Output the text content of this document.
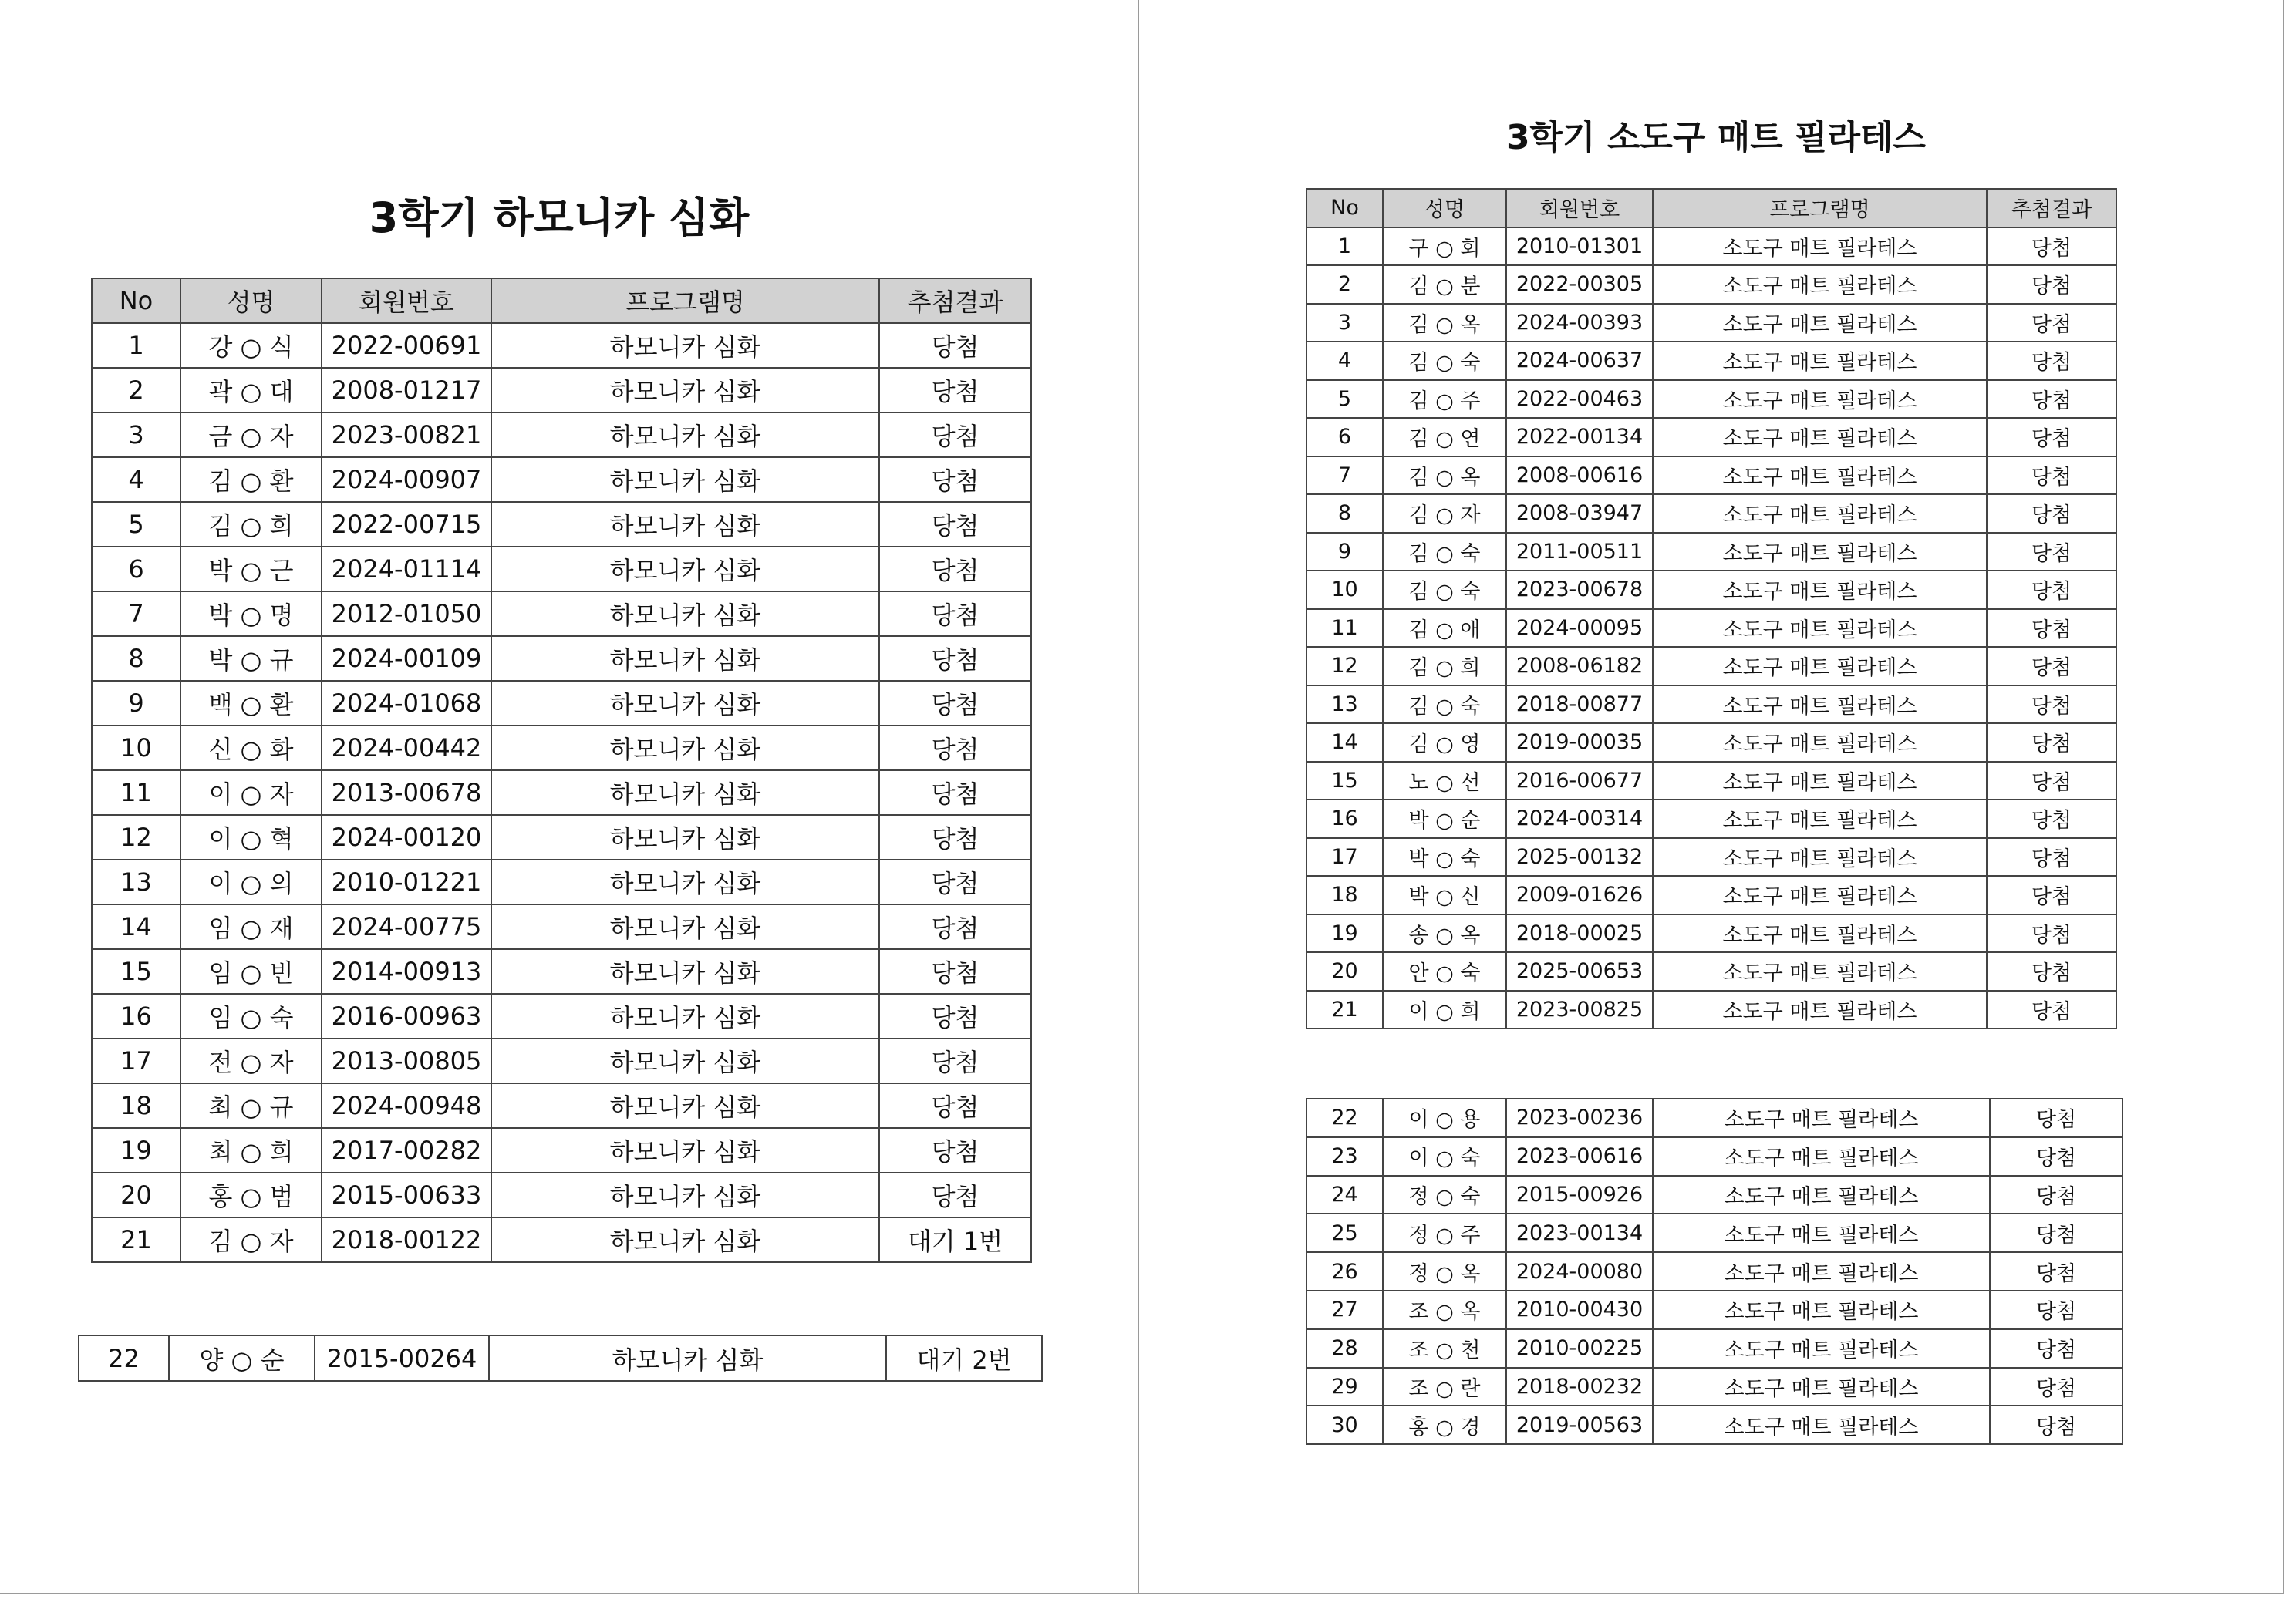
3학기 하모니카 심화
No	성명	회원번호	프로그램명	추첨결과
1	강 ○ 식	2022-00691	하모니카 심화	당첨
2	곽 ○ 대	2008-01217	하모니카 심화	당첨
3	금 ○ 자	2023-00821	하모니카 심화	당첨
4	김 ○ 환	2024-00907	하모니카 심화	당첨
5	김 ○ 희	2022-00715	하모니카 심화	당첨
6	박 ○ 근	2024-01114	하모니카 심화	당첨
7	박 ○ 명	2012-01050	하모니카 심화	당첨
8	박 ○ 규	2024-00109	하모니카 심화	당첨
9	백 ○ 환	2024-01068	하모니카 심화	당첨
10	신 ○ 화	2024-00442	하모니카 심화	당첨
11	이 ○ 자	2013-00678	하모니카 심화	당첨
12	이 ○ 혁	2024-00120	하모니카 심화	당첨
13	이 ○ 의	2010-01221	하모니카 심화	당첨
14	임 ○ 재	2024-00775	하모니카 심화	당첨
15	임 ○ 빈	2014-00913	하모니카 심화	당첨
16	임 ○ 숙	2016-00963	하모니카 심화	당첨
17	전 ○ 자	2013-00805	하모니카 심화	당첨
18	최 ○ 규	2024-00948	하모니카 심화	당첨
19	최 ○ 희	2017-00282	하모니카 심화	당첨
20	홍 ○ 범	2015-00633	하모니카 심화	당첨
21	김 ○ 자	2018-00122	하모니카 심화	대기 1번
22	양 ○ 순	2015-00264	하모니카 심화	대기 2번
3학기 소도구 매트 필라테스
No	성명	회원번호	프로그램명	추첨결과
1	구 ○ 회	2010-01301	소도구 매트 필라테스	당첨
2	김 ○ 분	2022-00305	소도구 매트 필라테스	당첨
3	김 ○ 옥	2024-00393	소도구 매트 필라테스	당첨
4	김 ○ 숙	2024-00637	소도구 매트 필라테스	당첨
5	김 ○ 주	2022-00463	소도구 매트 필라테스	당첨
6	김 ○ 연	2022-00134	소도구 매트 필라테스	당첨
7	김 ○ 옥	2008-00616	소도구 매트 필라테스	당첨
8	김 ○ 자	2008-03947	소도구 매트 필라테스	당첨
9	김 ○ 숙	2011-00511	소도구 매트 필라테스	당첨
10	김 ○ 숙	2023-00678	소도구 매트 필라테스	당첨
11	김 ○ 애	2024-00095	소도구 매트 필라테스	당첨
12	김 ○ 희	2008-06182	소도구 매트 필라테스	당첨
13	김 ○ 숙	2018-00877	소도구 매트 필라테스	당첨
14	김 ○ 영	2019-00035	소도구 매트 필라테스	당첨
15	노 ○ 선	2016-00677	소도구 매트 필라테스	당첨
16	박 ○ 순	2024-00314	소도구 매트 필라테스	당첨
17	박 ○ 숙	2025-00132	소도구 매트 필라테스	당첨
18	박 ○ 신	2009-01626	소도구 매트 필라테스	당첨
19	송 ○ 옥	2018-00025	소도구 매트 필라테스	당첨
20	안 ○ 숙	2025-00653	소도구 매트 필라테스	당첨
21	이 ○ 희	2023-00825	소도구 매트 필라테스	당첨
22	이 ○ 용	2023-00236	소도구 매트 필라테스	당첨
23	이 ○ 숙	2023-00616	소도구 매트 필라테스	당첨
24	정 ○ 숙	2015-00926	소도구 매트 필라테스	당첨
25	정 ○ 주	2023-00134	소도구 매트 필라테스	당첨
26	정 ○ 옥	2024-00080	소도구 매트 필라테스	당첨
27	조 ○ 옥	2010-00430	소도구 매트 필라테스	당첨
28	조 ○ 천	2010-00225	소도구 매트 필라테스	당첨
29	조 ○ 란	2018-00232	소도구 매트 필라테스	당첨
30	홍 ○ 경	2019-00563	소도구 매트 필라테스	당첨
